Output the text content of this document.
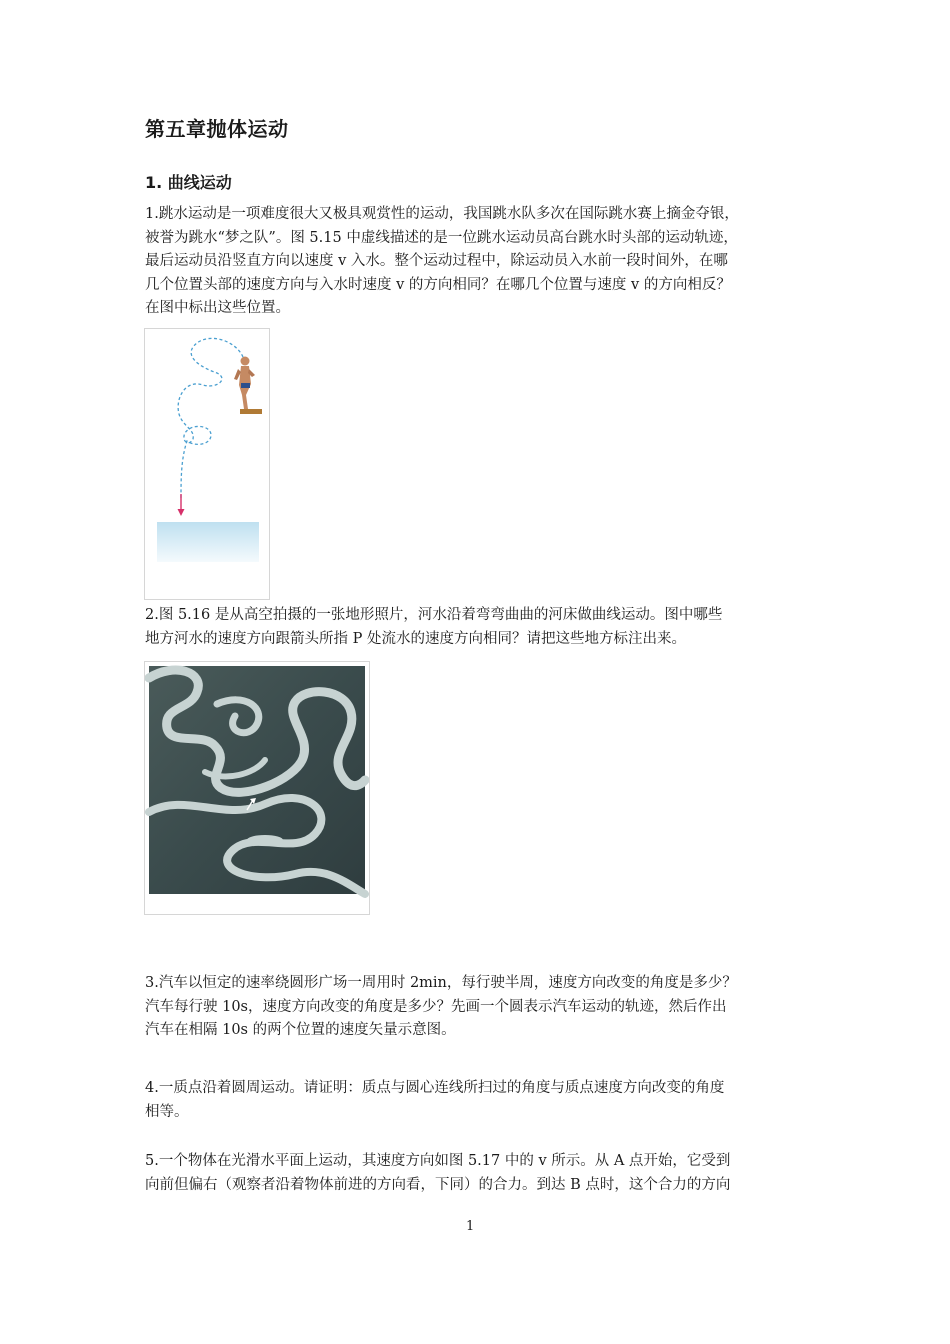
第五章抛体运动
1. 曲线运动
1.跳水运动是一项难度很大又极具观赏性的运动，我国跳水队多次在国际跳水赛上摘金夺银，
被誉为跳水“梦之队”。图 5.15 中虚线描述的是一位跳水运动员高台跳水时头部的运动轨迹，
最后运动员沿竖直方向以速度 v 入水。整个运动过程中，除运动员入水前一段时间外，在哪
几个位置头部的速度方向与入水时速度 v 的方向相同？在哪几个位置与速度 v 的方向相反？
在图中标出这些位置。
2.图 5.16 是从高空拍摄的一张地形照片，河水沿着弯弯曲曲的河床做曲线运动。图中哪些
地方河水的速度方向跟箭头所指 P 处流水的速度方向相同？请把这些地方标注出来。
3.汽车以恒定的速率绕圆形广场一周用时 2min，每行驶半周，速度方向改变的角度是多少？
汽车每行驶 10s，速度方向改变的角度是多少？先画一个圆表示汽车运动的轨迹，然后作出
汽车在相隔 10s 的两个位置的速度矢量示意图。
4.一质点沿着圆周运动。请证明：质点与圆心连线所扫过的角度与质点速度方向改变的角度
相等。
5.一个物体在光滑水平面上运动，其速度方向如图 5.17 中的 v 所示。从 A 点开始，它受到
向前但偏右（观察者沿着物体前进的方向看，下同）的合力。到达 B 点时，这个合力的方向
1
